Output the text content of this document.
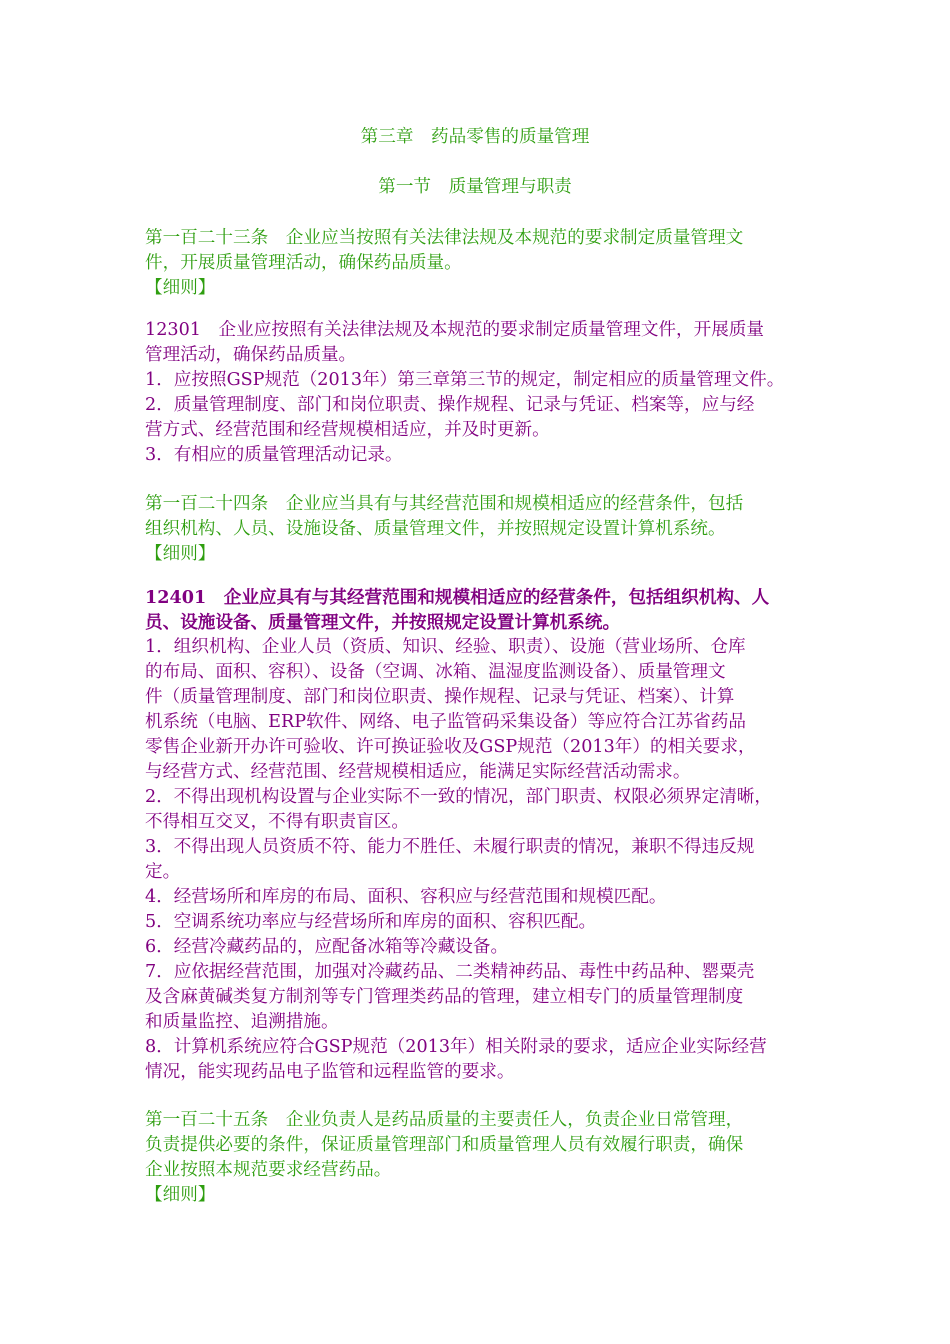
第三章　药品零售的质量管理
第一节　质量管理与职责
第一百二十三条　企业应当按照有关法律法规及本规范的要求制定质量管理文
件，开展质量管理活动，确保药品质量。
【细则】
12301　企业应按照有关法律法规及本规范的要求制定质量管理文件，开展质量
管理活动，确保药品质量。
1．应按照GSP规范（2013年）第三章第三节的规定，制定相应的质量管理文件。
2．质量管理制度、部门和岗位职责、操作规程、记录与凭证、档案等，应与经
营方式、经营范围和经营规模相适应，并及时更新。
3．有相应的质量管理活动记录。
第一百二十四条　企业应当具有与其经营范围和规模相适应的经营条件，包括
组织机构、人员、设施设备、质量管理文件，并按照规定设置计算机系统。
【细则】
12401　企业应具有与其经营范围和规模相适应的经营条件，包括组织机构、人
员、设施设备、质量管理文件，并按照规定设置计算机系统。
1．组织机构、企业人员（资质、知识、经验、职责）、设施（营业场所、仓库
的布局、面积、容积）、设备（空调、冰箱、温湿度监测设备）、质量管理文
件（质量管理制度、部门和岗位职责、操作规程、记录与凭证、档案）、计算
机系统（电脑、ERP软件、网络、电子监管码采集设备）等应符合江苏省药品
零售企业新开办许可验收、许可换证验收及GSP规范（2013年）的相关要求，
与经营方式、经营范围、经营规模相适应，能满足实际经营活动需求。
2．不得出现机构设置与企业实际不一致的情况，部门职责、权限必须界定清晰，
不得相互交叉，不得有职责盲区。
3．不得出现人员资质不符、能力不胜任、未履行职责的情况，兼职不得违反规
定。
4．经营场所和库房的布局、面积、容积应与经营范围和规模匹配。
5．空调系统功率应与经营场所和库房的面积、容积匹配。
6．经营冷藏药品的，应配备冰箱等冷藏设备。
7．应依据经营范围，加强对冷藏药品、二类精神药品、毒性中药品种、罂粟壳
及含麻黄碱类复方制剂等专门管理类药品的管理，建立相专门的质量管理制度
和质量监控、追溯措施。
8．计算机系统应符合GSP规范（2013年）相关附录的要求，适应企业实际经营
情况，能实现药品电子监管和远程监管的要求。
第一百二十五条　企业负责人是药品质量的主要责任人，负责企业日常管理，
负责提供必要的条件，保证质量管理部门和质量管理人员有效履行职责，确保
企业按照本规范要求经营药品。
【细则】
